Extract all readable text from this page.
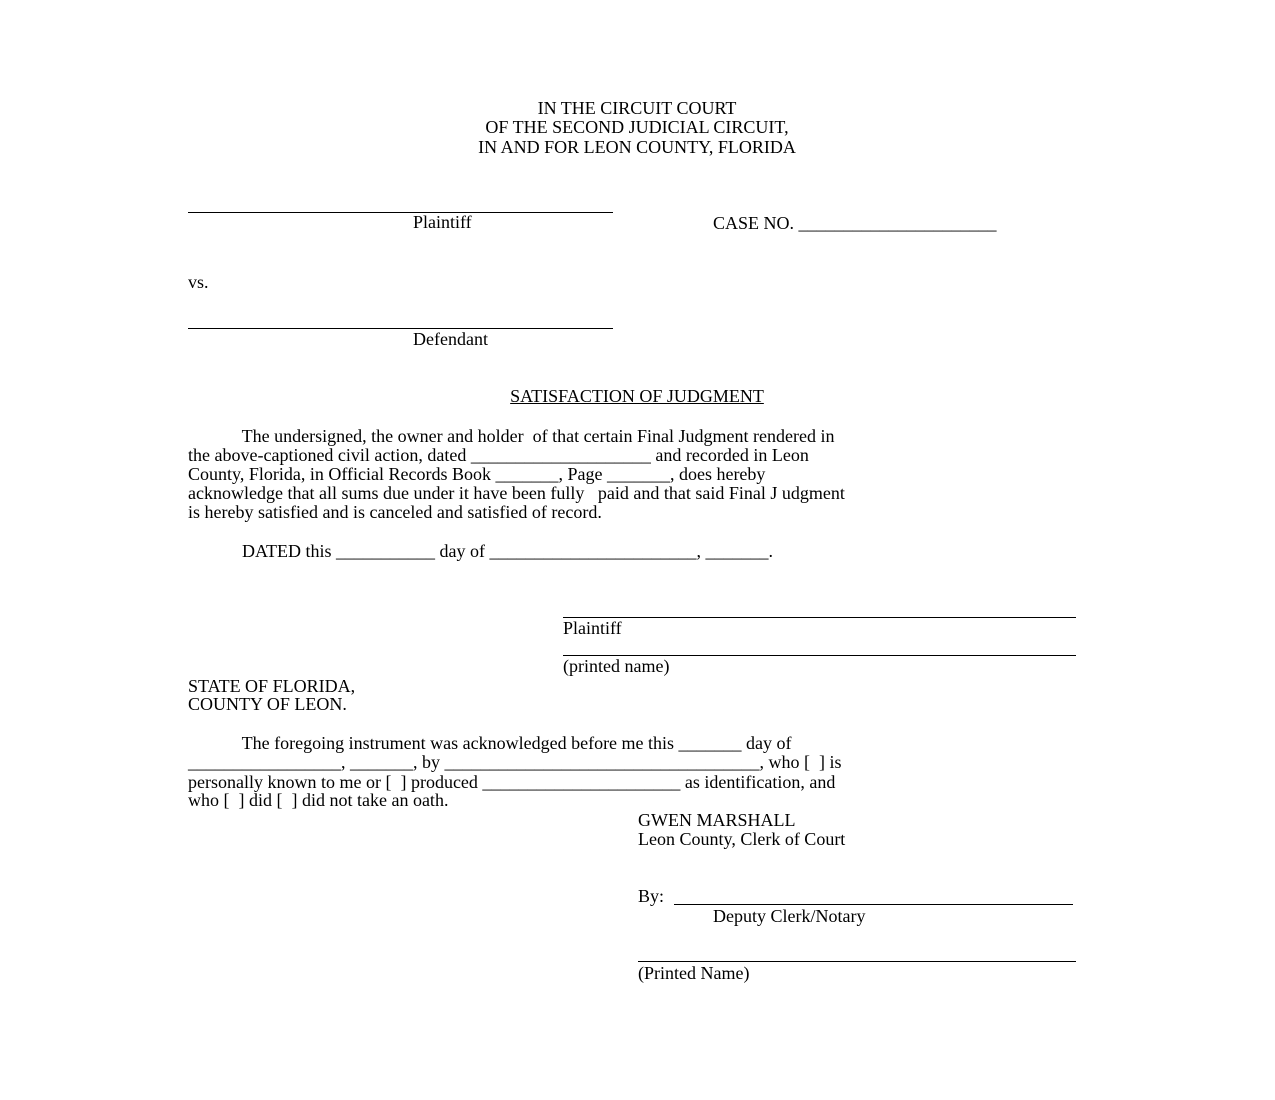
IN THE CIRCUIT COURT
OF THE SECOND JUDICIAL CIRCUIT,
IN AND FOR LEON COUNTY, FLORIDA
Plaintiff	CASE NO. ______________________
vs.
Defendant
SATISFACTION OF JUDGMENT
The undersigned, the owner and holder  of that certain Final Judgment rendered in
the above-captioned civil action, dated ____________________ and recorded in Leon
County, Florida, in Official Records Book _______, Page _______, does hereby
acknowledge that all sums due under it have been fully   paid and that said Final J udgment
is hereby satisfied and is canceled and satisfied of record.
DATED this ___________ day of _______________________, _______.
Plaintiff
(printed name)
STATE OF FLORIDA,
COUNTY OF LEON.
The foregoing instrument was acknowledged before me this _______ day of
_________________, _______, by ___________________________________, who [  ] is
personally known to me or [  ] produced ______________________ as identification, and
who [  ] did [  ] did not take an oath.
GWEN MARSHALL
Leon County, Clerk of Court
By:
Deputy Clerk/Notary
(Printed Name)
